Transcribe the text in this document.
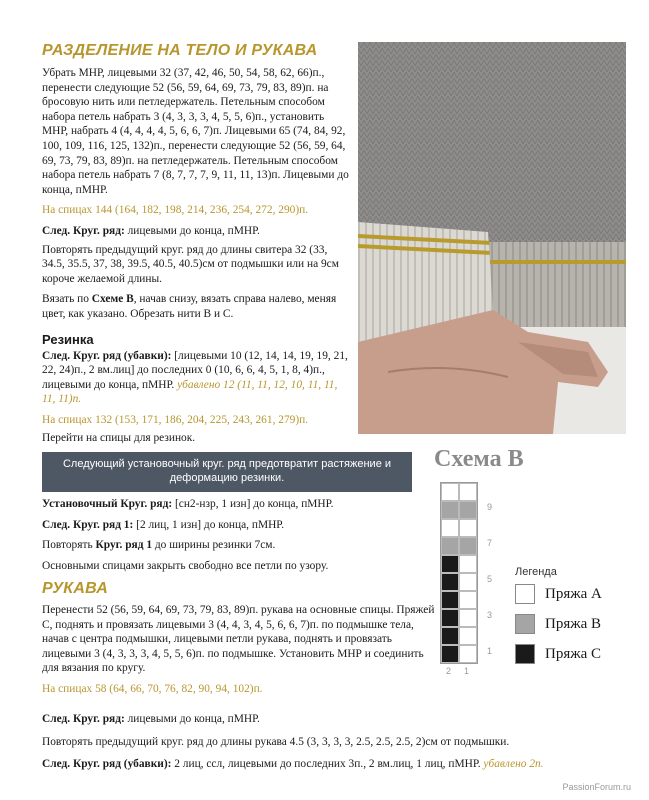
РАЗДЕЛЕНИЕ НА ТЕЛО И РУКАВА

Убрать МНР, лицевыми 32 (37, 42, 46, 50, 54, 58, 62, 66)п., перенести следующие 52 (56, 59, 64, 69, 73, 79, 83, 89)п. на бросовую нить или петледержатель. Петельным способом набора петель набрать 3 (4, 3, 3, 3, 4, 5, 5, 6)п., установить МНР, набрать 4 (4, 4, 4, 4, 5, 6, 6, 7)п. Лицевыми 65 (74, 84, 92, 100, 109, 116, 125, 132)п., перенести следующие 52 (56, 59, 64, 69, 73, 79, 83, 89)п. на петледержатель. Петельным способом набора петель набрать 7 (8, 7, 7, 7, 9, 11, 11, 13)п. Лицевыми до конца, пМНР.

На спицах 144 (164, 182, 198, 214, 236, 254, 272, 290)п.

След. Круг. ряд: лицевыми до конца, пМНР.

Повторять предыдущий круг. ряд до длины свитера 32 (33, 34.5, 35.5, 37, 38, 39.5, 40.5, 40.5)см от подмышки или на 9см короче желаемой длины.

Вязать по Схеме В, начав снизу, вязать справа налево, меняя цвет, как указано. Обрезать нити В и С.

Резинка

След. Круг. ряд (убавки): [лицевыми 10 (12, 14, 14, 19, 19, 21, 22, 24)п., 2 вм.лиц] до последних 0 (10, 6, 6, 4, 5, 1, 8, 4)п., лицевыми до конца, пМНР. убавлено 12 (11, 11, 12, 10, 11, 11, 11, 11)п.

На спицах 132 (153, 171, 186, 204, 225, 243, 261, 279)п.

Перейти на спицы для резинок.

Следующий установочный круг. ряд предотвратит растяжение и деформацию резинки.

Установочный Круг. ряд: [сн2-нзр, 1 изн] до конца, пМНР.

След. Круг. ряд 1: [2 лиц, 1 изн] до конца, пМНР.

Повторять Круг. ряд 1 до ширины резинки 7см.

Основными спицами закрыть свободно все петли по узору.

РУКАВА

Перенести 52 (56, 59, 64, 69, 73, 79, 83, 89)п. рукава на основные спицы. Пряжей С, поднять и провязать лицевыми 3 (4, 4, 3, 4, 5, 6, 6, 7)п. по подмышке тела, начав с центра подмышки, лицевыми петли рукава, поднять и провязать лицевыми 3 (4, 3, 3, 3, 4, 5, 5, 6)п. по подмышке. Установить МНР и соединить для вязания по кругу.

На спицах 58 (64, 66, 70, 76, 82, 90, 94, 102)п.

След. Круг. ряд: лицевыми до конца, пМНР.

Повторять предыдущий круг. ряд до длины рукава 4.5 (3, 3, 3, 3, 2.5, 2.5, 2.5, 2)см от подмышки.

След. Круг. ряд (убавки): 2 лиц, ссл, лицевыми до последних 3п., 2 вм.лиц, 1 лиц, пМНР. убавлено 2п.

Схема В
9
7
5
3
1
2 1
Легенда
Пряжа А
Пряжа В
Пряжа С
PassionForum.ru
